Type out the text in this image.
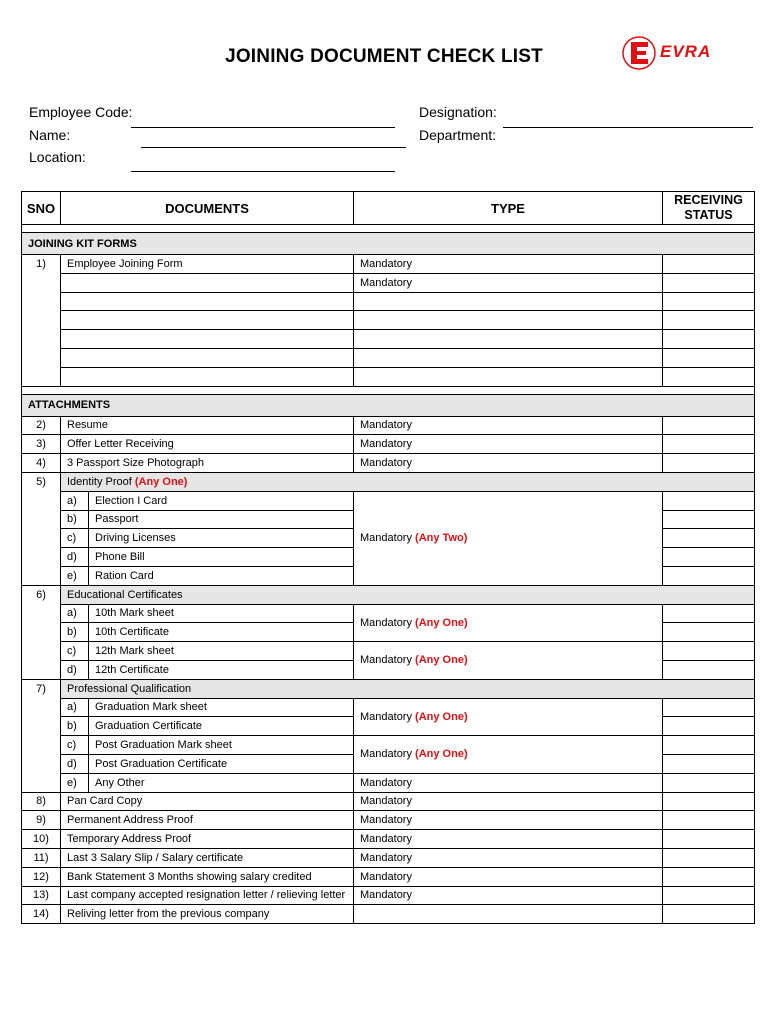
JOINING DOCUMENT CHECK LIST	EVRA
Employee Code:
Name:
Location:
Designation:
Department:
SNO	DOCUMENTS		TYPE	RECEIVING STATUS

JOINING KIT FORMS				
1)	Employee Joining Form		Mandatory	
			Mandatory	

ATTACHMENTS				
2)	Resume		Mandatory	
3)	Offer Letter Receiving		Mandatory	
4)	3 Passport Size Photograph		Mandatory	
5)	Identity Proof (Any One)			
	a)	Election I Card	Mandatory (Any Two)	
	b)	Passport		
	c)	Driving Licenses		
	d)	Phone Bill		
	e)	Ration Card		
6)	Educational Certificates			
	a)	10th Mark sheet	Mandatory (Any One)	
	b)	10th Certificate		
	c)	12th Mark sheet	Mandatory (Any One)	
	d)	12th Certificate		
7)	Professional Qualification			
	a)	Graduation Mark sheet	Mandatory (Any One)	
	b)	Graduation Certificate		
	c)	Post Graduation Mark sheet	Mandatory (Any One)	
	d)	Post Graduation Certificate		
	e)	Any Other	Mandatory	
8)	Pan Card Copy		Mandatory	
9)	Permanent Address Proof		Mandatory	
10)	Temporary Address Proof		Mandatory	
11)	Last 3 Salary Slip / Salary certificate		Mandatory	
12)	Bank Statement 3 Months showing salary credited		Mandatory	
13)	Last company accepted resignation letter / relieving letter		Mandatory	
14)	Reliving letter from the previous company			
